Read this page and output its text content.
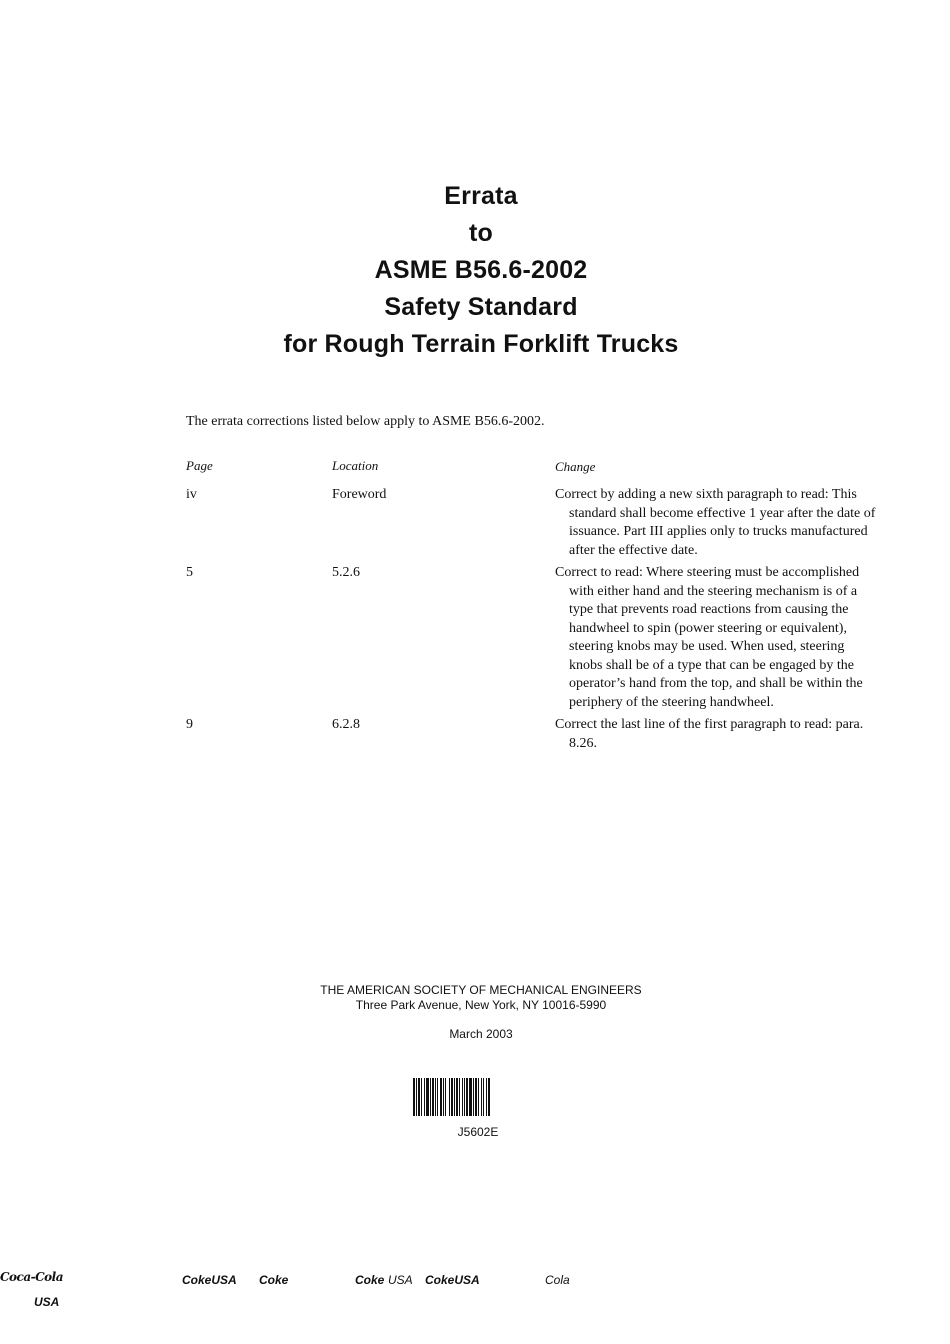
Errata
to
ASME B56.6-2002
Safety Standard
for Rough Terrain Forklift Trucks
The errata corrections listed below apply to ASME B56.6-2002.
Page	Location	Change
iv	Foreword	Correct by adding a new sixth paragraph to read: This standard shall become effective 1 year after the date of issuance. Part III applies only to trucks manufactured after the effective date.
5	5.2.6	Correct to read: Where steering must be accomplished with either hand and the steering mechanism is of a type that prevents road reactions from causing the handwheel to spin (power steering or equivalent), steering knobs may be used. When used, steering knobs shall be of a type that can be engaged by the operator’s hand from the top, and shall be within the periphery of the steering handwheel.
9	6.2.8	Correct the last line of the first paragraph to read: para. 8.26.
THE AMERICAN SOCIETY OF MECHANICAL ENGINEERS
Three Park Avenue, New York, NY 10016-5990
March 2003
J5602E
Coca-Cola
USA
CokeUSA Coke	Coke USA CokeUSA	Cola
